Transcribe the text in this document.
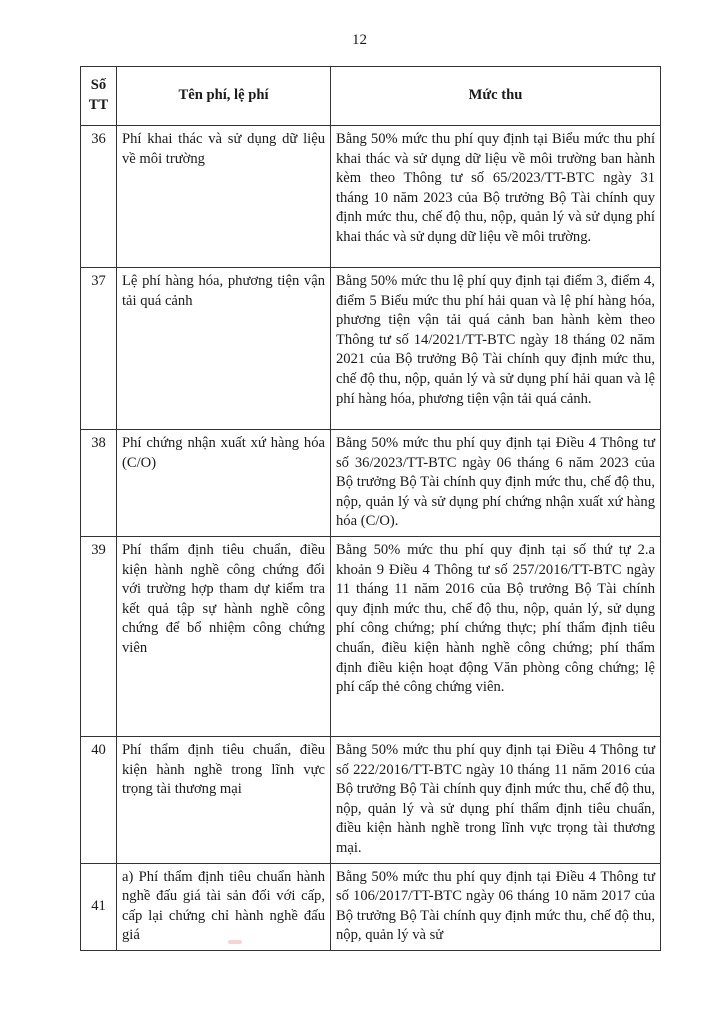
12
Số
TT	Tên phí, lệ phí	Mức thu
36	Phí khai thác và sử dụng dữ liệu về môi trường	Bằng 50% mức thu phí quy định tại Biểu mức thu phí khai thác và sử dụng dữ liệu về môi trường ban hành kèm theo Thông tư số 65/2023/TT-BTC ngày 31 tháng 10 năm 2023 của Bộ trưởng Bộ Tài chính quy định mức thu, chế độ thu, nộp, quản lý và sử dụng phí khai thác và sử dụng dữ liệu về môi trường.
37	Lệ phí hàng hóa, phương tiện vận tải quá cảnh	Bằng 50% mức thu lệ phí quy định tại điểm 3, điểm 4, điểm 5 Biểu mức thu phí hải quan và lệ phí hàng hóa, phương tiện vận tải quá cảnh ban hành kèm theo Thông tư số 14/2021/TT-BTC ngày 18 tháng 02 năm 2021 của Bộ trưởng Bộ Tài chính quy định mức thu, chế độ thu, nộp, quản lý và sử dụng phí hải quan và lệ phí hàng hóa, phương tiện vận tải quá cảnh.
38	Phí chứng nhận xuất xứ hàng hóa (C/O)	Bằng 50% mức thu phí quy định tại Điều 4 Thông tư số 36/2023/TT-BTC ngày 06 tháng 6 năm 2023 của Bộ trưởng Bộ Tài chính quy định mức thu, chế độ thu, nộp, quản lý và sử dụng phí chứng nhận xuất xứ hàng hóa (C/O).
39	Phí thẩm định tiêu chuẩn, điều kiện hành nghề công chứng đối với trường hợp tham dự kiểm tra kết quả tập sự hành nghề công chứng để bổ nhiệm công chứng viên	Bằng 50% mức thu phí quy định tại số thứ tự 2.a khoản 9 Điều 4 Thông tư số 257/2016/TT-BTC ngày 11 tháng 11 năm 2016 của Bộ trưởng Bộ Tài chính quy định mức thu, chế độ thu, nộp, quản lý, sử dụng phí công chứng; phí chứng thực; phí thẩm định tiêu chuẩn, điều kiện hành nghề công chứng; phí thẩm định điều kiện hoạt động Văn phòng công chứng; lệ phí cấp thẻ công chứng viên.
40	Phí thẩm định tiêu chuẩn, điều kiện hành nghề trong lĩnh vực trọng tài thương mại	Bằng 50% mức thu phí quy định tại Điều 4 Thông tư số 222/2016/TT-BTC ngày 10 tháng 11 năm 2016 của Bộ trưởng Bộ Tài chính quy định mức thu, chế độ thu, nộp, quản lý và sử dụng phí thẩm định tiêu chuẩn, điều kiện hành nghề trong lĩnh vực trọng tài thương mại.
41	a) Phí thẩm định tiêu chuẩn hành nghề đấu giá tài sản đối với cấp, cấp lại chứng chỉ hành nghề đấu giá	Bằng 50% mức thu phí quy định tại Điều 4 Thông tư số 106/2017/TT-BTC ngày 06 tháng 10 năm 2017 của Bộ trưởng Bộ Tài chính quy định mức thu, chế độ thu, nộp, quản lý và sử
